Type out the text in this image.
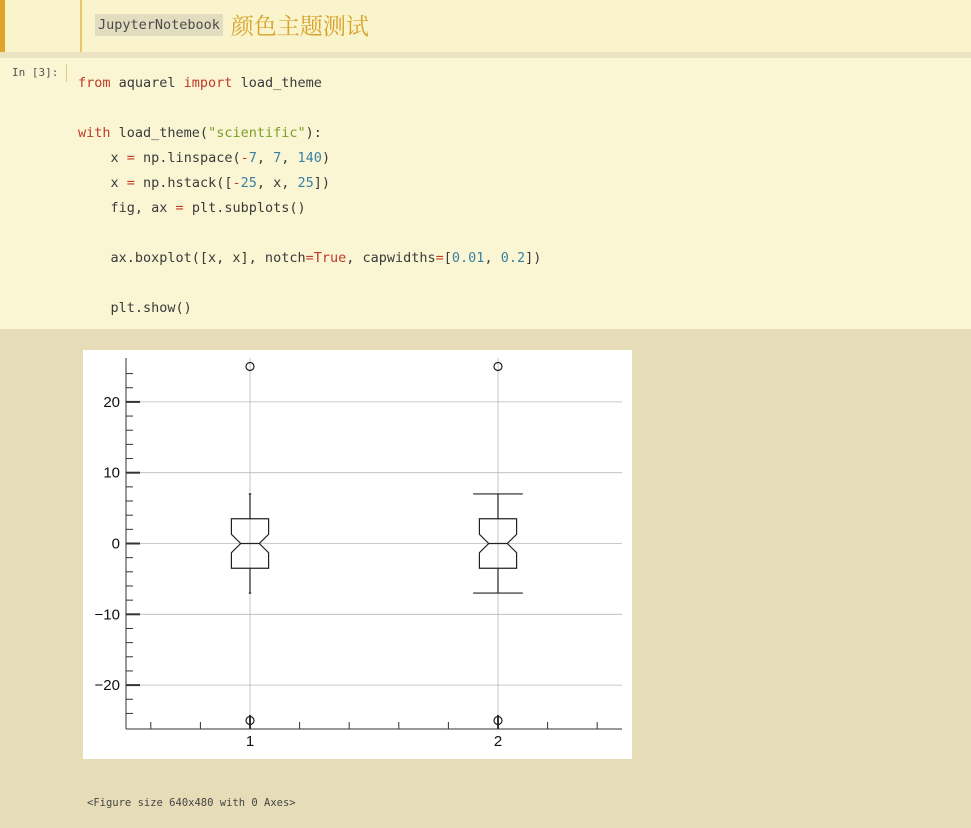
JupyterNotebook 颜色主题测试
In [3]:
from aquarel import load_theme

with load_theme("scientific"):
x = np.linspace(-7, 7, 140)
x = np.hstack([-25, x, 25])
fig, ax = plt.subplots()

ax.boxplot([x, x], notch=True, capwidths=[0.01, 0.2])

plt.show()
20
10
0
−10
−20
1	2
<Figure size 640x480 with 0 Axes>
